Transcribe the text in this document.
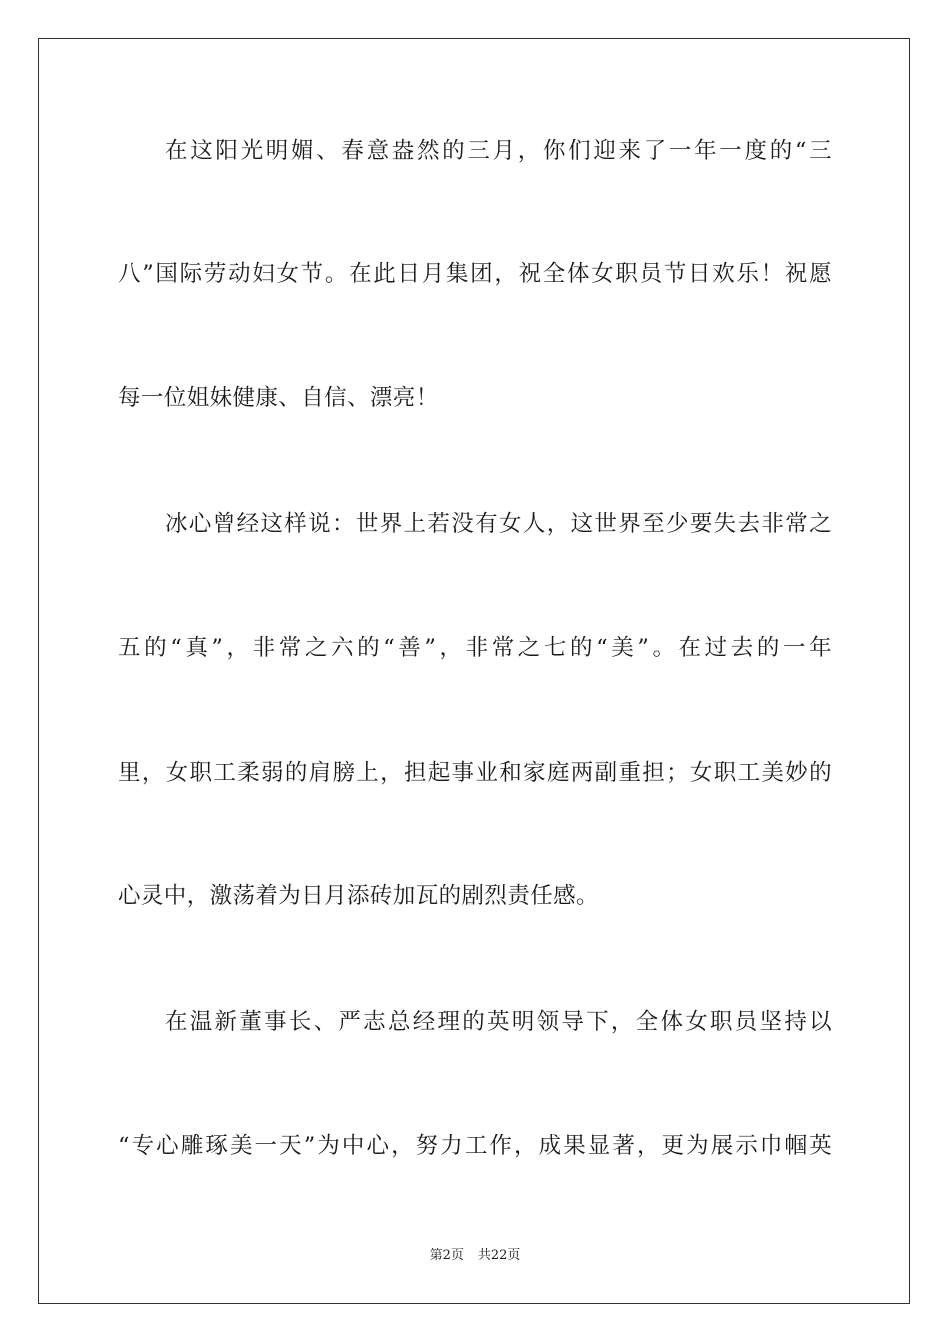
在这阳光明媚、春意盎然的三月，你们迎来了一年一度的“三
八”国际劳动妇女节。在此日月集团，祝全体女职员节日欢乐！祝愿
每一位姐妹健康、自信、漂亮！
冰心曾经这样说：世界上若没有女人，这世界至少要失去非常之
五的“真”，非常之六的“善”，非常之七的“美”。在过去的一年
里，女职工柔弱的肩膀上，担起事业和家庭两副重担；女职工美妙的
心灵中，激荡着为日月添砖加瓦的剧烈责任感。
在温新董事长、严志总经理的英明领导下，全体女职员坚持以
“专心雕琢美一天”为中心，努力工作，成果显著，更为展示巾帼英
第2页 共22页
